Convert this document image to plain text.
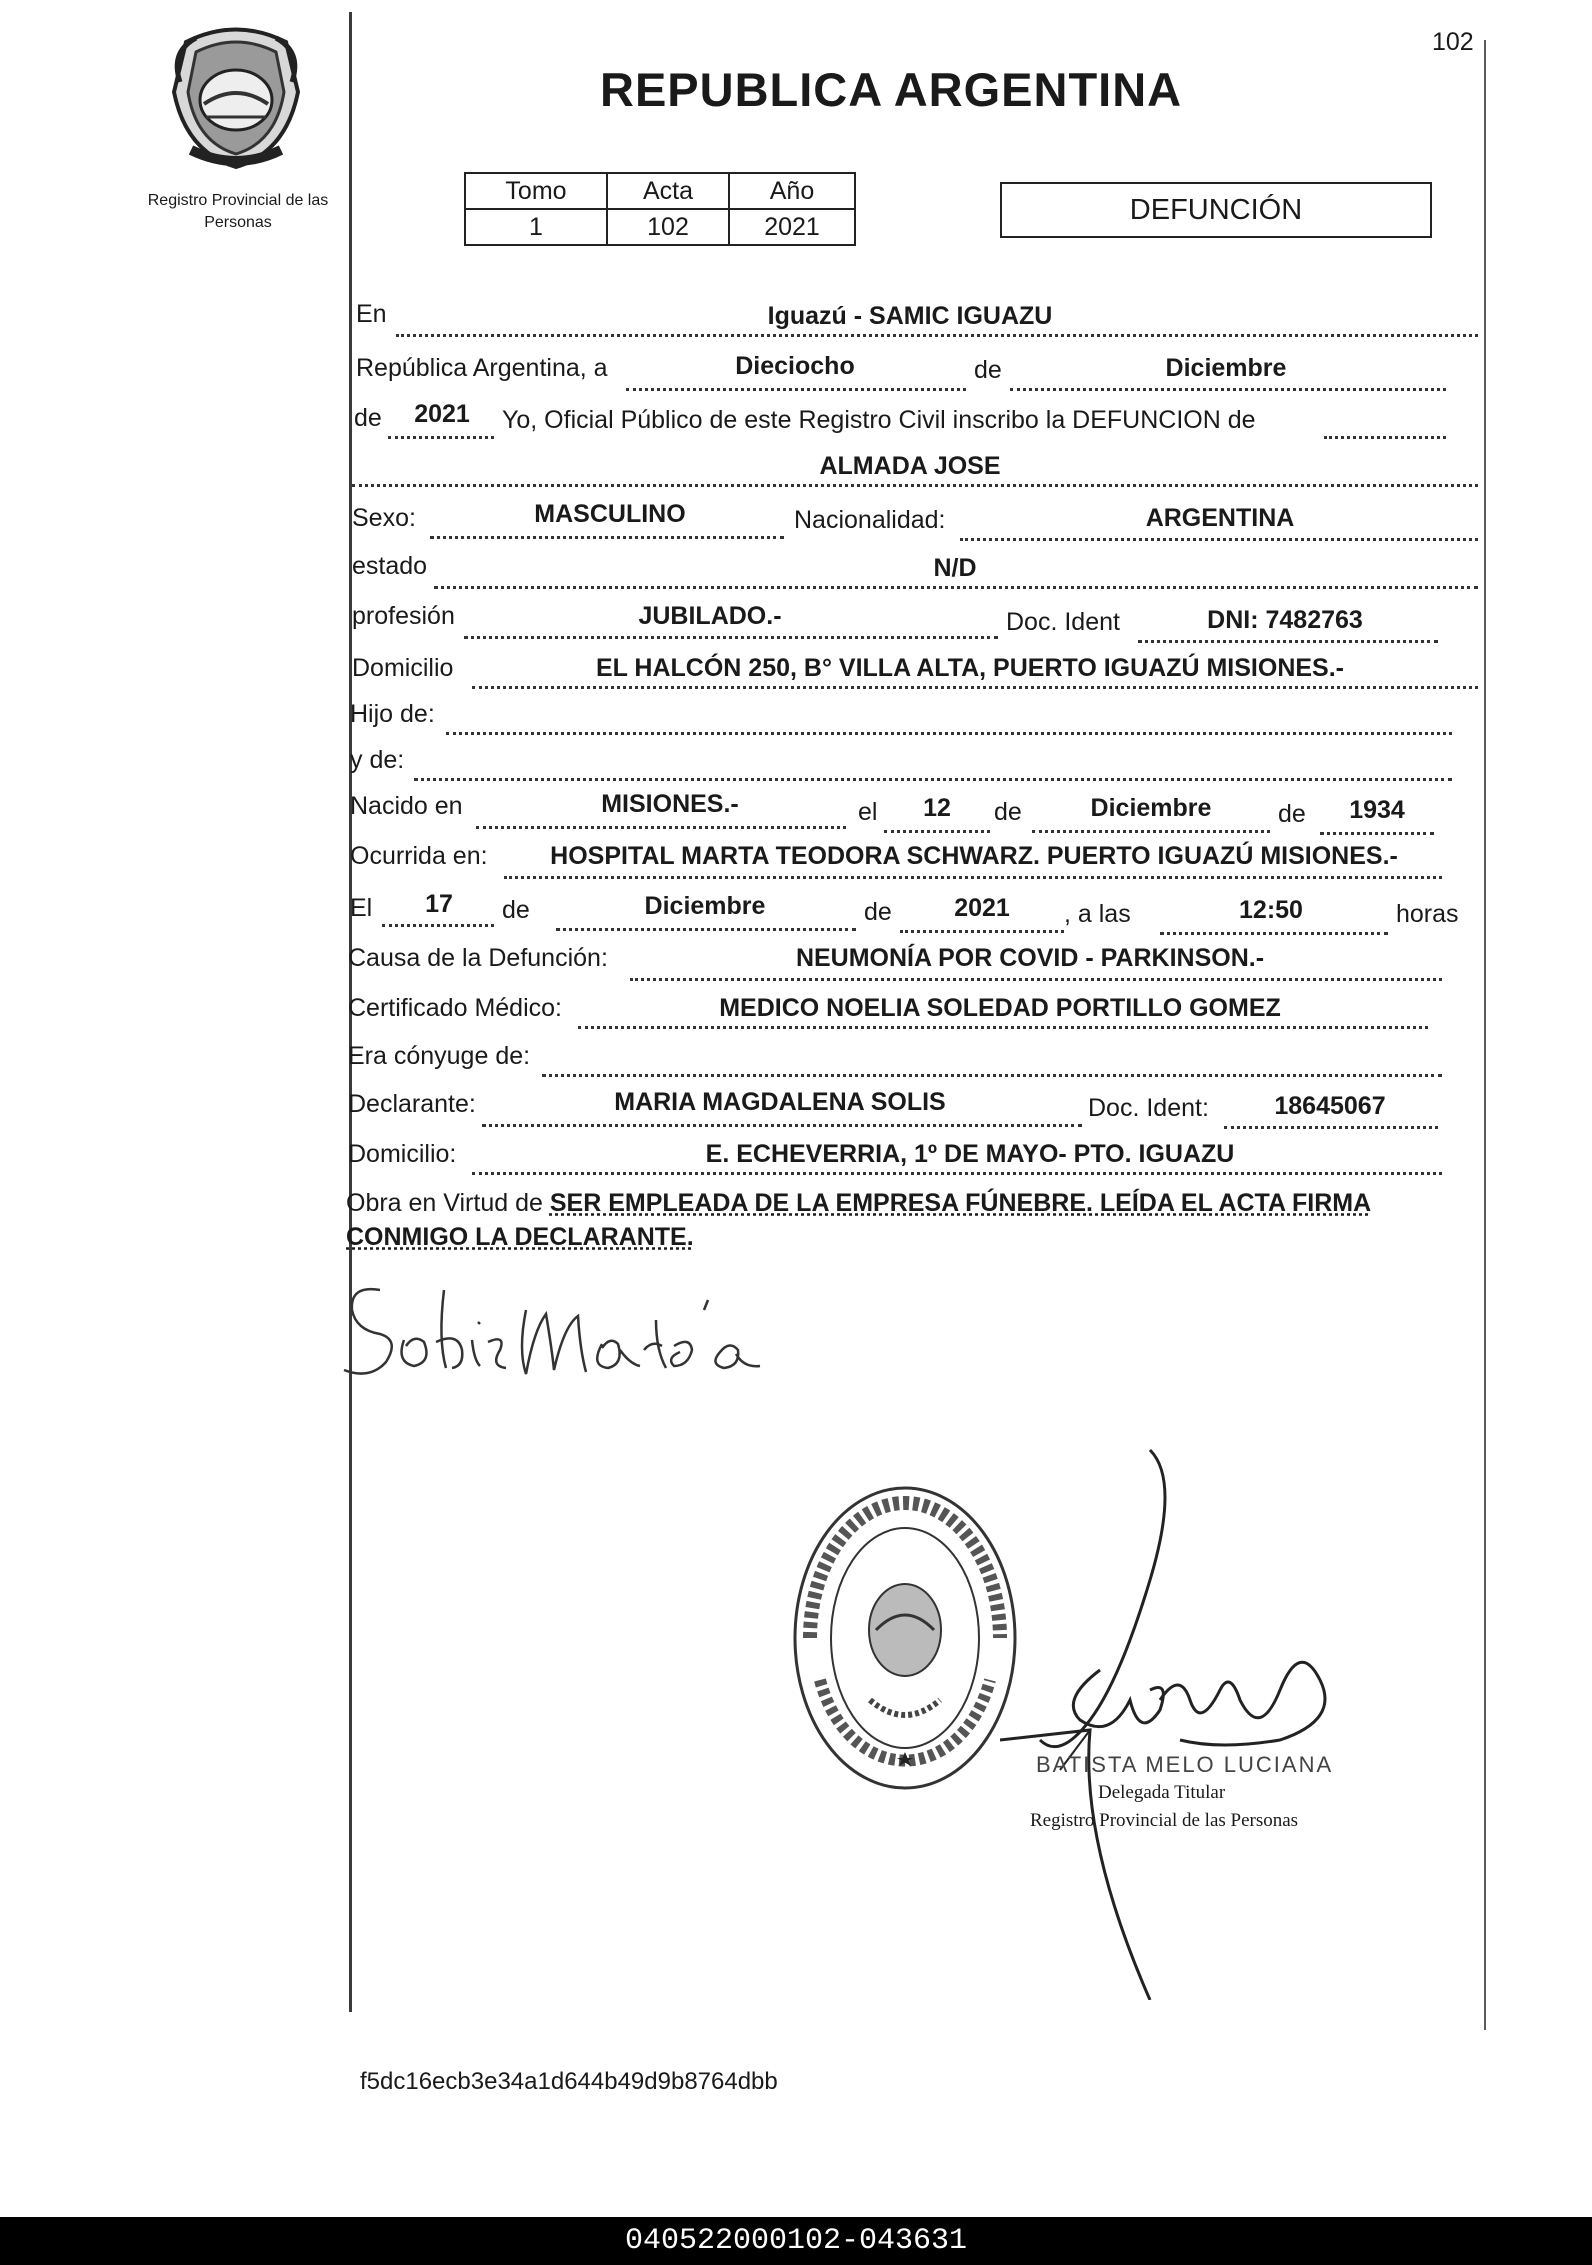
102
Registro Provincial de las Personas
REPUBLICA ARGENTINA
Tomo	Acta	Año
1	102	2021
DEFUNCIÓN
En	Iguazú - SAMIC IGUAZU
República Argentina, a	Dieciocho	de	Diciembre
de	2021	Yo, Oficial Público de este Registro Civil inscribo la DEFUNCION de
ALMADA JOSE
Sexo:	MASCULINO	Nacionalidad:	ARGENTINA
estado	N/D
profesión	JUBILADO.-	Doc. Ident	DNI: 7482763
Domicilio	EL HALCÓN 250, B° VILLA ALTA, PUERTO IGUAZÚ MISIONES.-
Hijo de:
y de:
Nacido en	MISIONES.-	el	12	de	Diciembre	de	1934
Ocurrida en:	HOSPITAL MARTA TEODORA SCHWARZ. PUERTO IGUAZÚ MISIONES.-
El	17	de	Diciembre	de	2021	, a las	12:50	horas
Causa de la Defunción:	NEUMONÍA POR COVID - PARKINSON.-
Certificado Médico:	MEDICO NOELIA SOLEDAD PORTILLO GOMEZ
Era cónyuge de:
Declarante:	MARIA MAGDALENA SOLIS	Doc. Ident:	18645067
Domicilio:	E. ECHEVERRIA, 1º DE MAYO- PTO. IGUAZU
Obra en Virtud de SER EMPLEADA DE LA EMPRESA FÚNEBRE. LEÍDA EL ACTA FIRMA CONMIGO LA DECLARANTE.
BATISTA MELO LUCIANA
Delegada Titular
Registro Provincial de las Personas
f5dc16ecb3e34a1d644b49d9b8764dbb
040522000102-043631
